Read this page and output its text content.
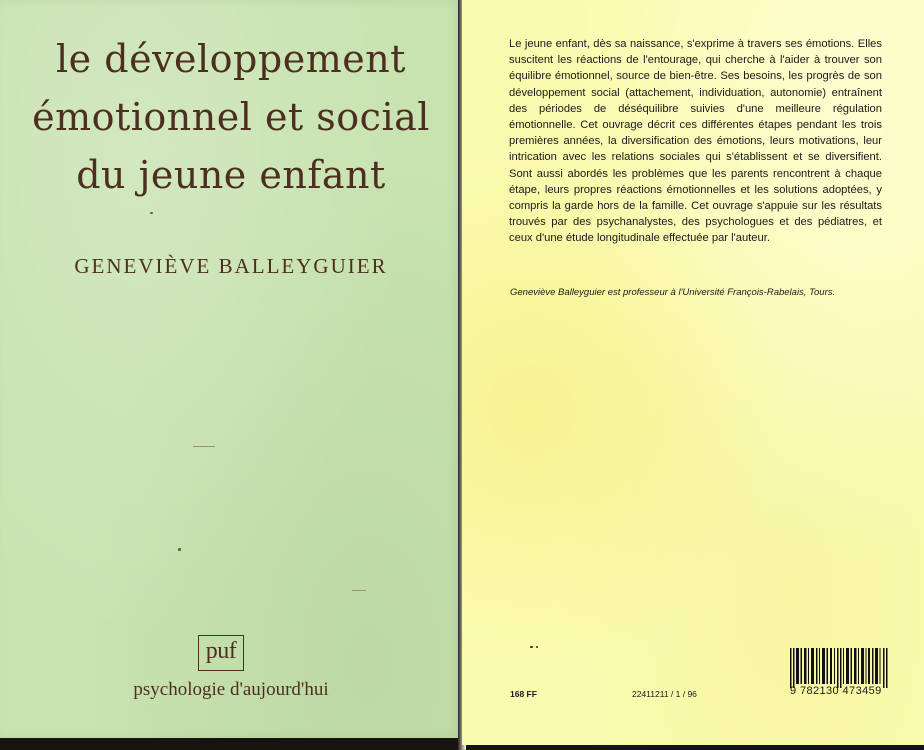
le développement
émotionnel et social
du jeune enfant
GENEVIÈVE BALLEYGUIER
puf
psychologie d'aujourd'hui

Le jeune enfant, dès sa naissance, s'exprime à travers ses émotions. Elles suscitent les réactions de l'entourage, qui cherche à l'aider à trouver son équilibre émotionnel, source de bien-être. Ses besoins, les progrès de son développement social (attachement, individuation, autonomie) entraînent des périodes de déséquilibre suivies d'une meilleure régulation émotionnelle. Cet ouvrage décrit ces différentes étapes pendant les trois premières années, la diversification des émotions, leurs motivations, leur intrication avec les relations sociales qui s'établissent et se diversifient. Sont aussi abordés les problèmes que les parents rencontrent à chaque étape, leurs propres réactions émotionnelles et les solutions adoptées, y compris la garde hors de la famille. Cet ouvrage s'appuie sur les résultats trouvés par des psychanalystes, des psychologues et des pédiatres, et ceux d'une étude longitudinale effectuée par l'auteur.

Geneviève Balleyguier est professeur à l'Université François-Rabelais, Tours.
168 FF	22411211 / 1 / 96	9 782130 473459
